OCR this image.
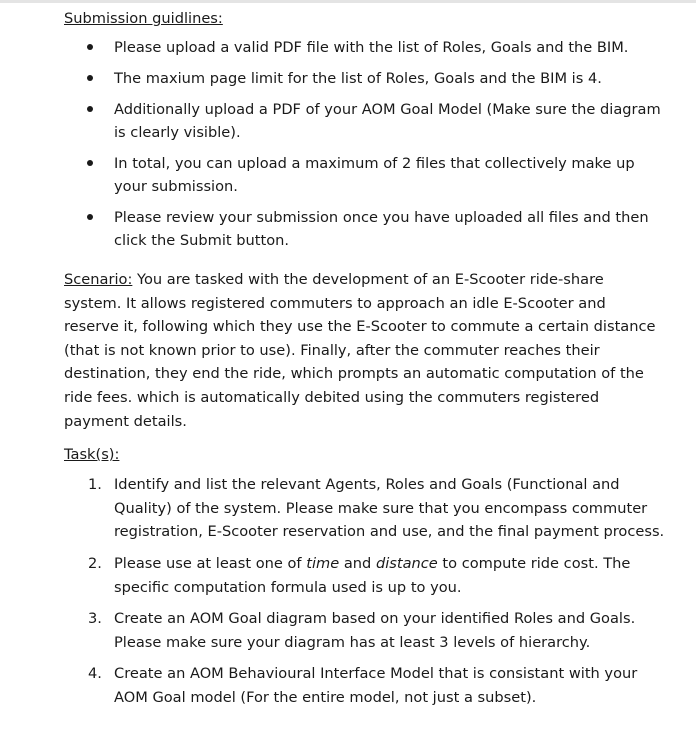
Submission guidlines:

Please upload a valid PDF file with the list of Roles, Goals and the BIM.
The maxium page limit for the list of Roles, Goals and the BIM is 4.
Additionally upload a PDF of your AOM Goal Model (Make sure the diagram is clearly visible).
In total, you can upload a maximum of 2 files that collectively make up your submission.
Please review your submission once you have uploaded all files and then click the Submit button.

Scenario: You are tasked with the development of an E-Scooter ride-share system. It allows registered commuters to approach an idle E-Scooter and reserve it, following which they use the E-Scooter to commute a certain distance (that is not known prior to use). Finally, after the commuter reaches their destination, they end the ride, which prompts an automatic computation of the ride fees. which is automatically debited using the commuters registered payment details.

Task(s):

1. Identify and list the relevant Agents, Roles and Goals (Functional and Quality) of the system. Please make sure that you encompass commuter registration, E-Scooter reservation and use, and the final payment process.
2. Please use at least one of time and distance to compute ride cost. The specific computation formula used is up to you.
3. Create an AOM Goal diagram based on your identified Roles and Goals. Please make sure your diagram has at least 3 levels of hierarchy.
4. Create an AOM Behavioural Interface Model that is consistant with your AOM Goal model (For the entire model, not just a subset).
